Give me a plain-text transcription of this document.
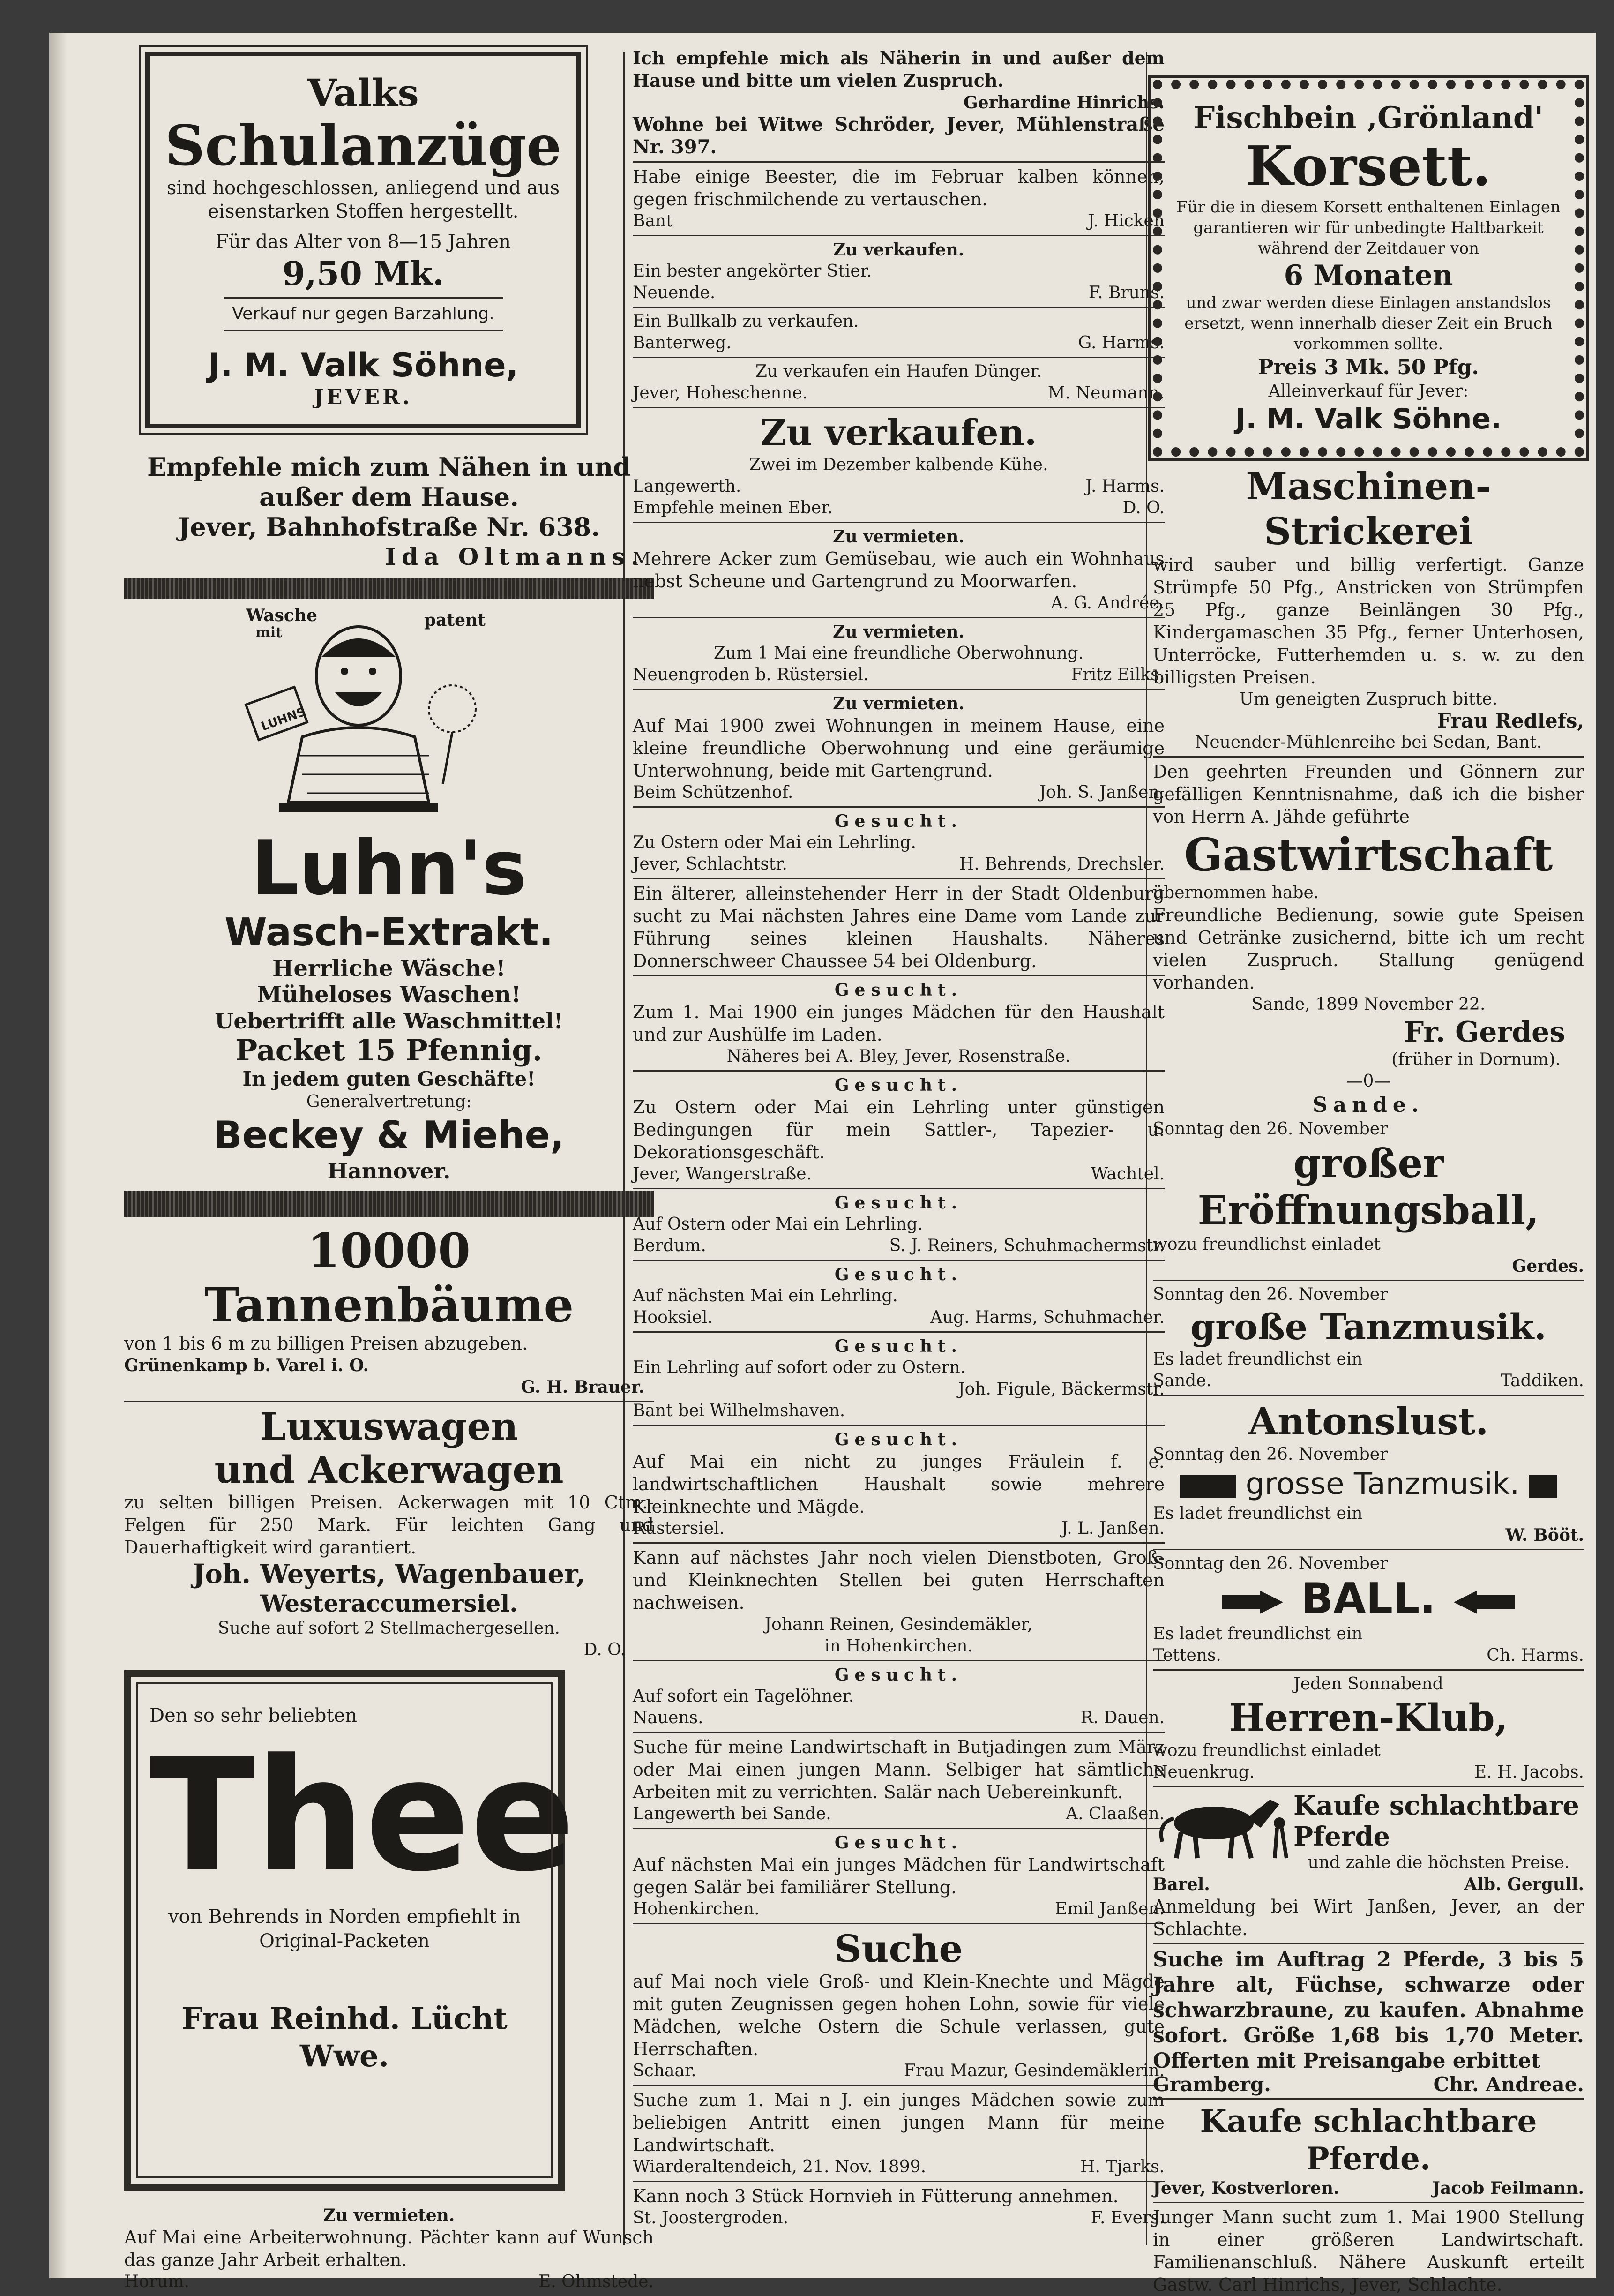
Valks
Schulanzüge

sind hochgeschlossen, anliegend und aus eisenstarken Stoffen hergestellt.

Für das Alter von 8—15 Jahren

9,50 Mk.

Verkauf nur gegen Barzahlung.

J. M. Valk Söhne,
JEVER.

Empfehle mich zum Nähen in und außer dem Hause.

Jever, Bahnhofstraße Nr. 638.

Ida Oltmanns.

Wasche
mit
patent
LUHNS
Luhn's
Wasch-Extrakt.
Herrliche Wäsche!
Müheloses Waschen!
Uebertrifft alle Waschmittel!
Packet 15 Pfennig.
In jedem guten Geschäfte!
Generalvertretung:
Beckey & Miehe,
Hannover.
10000 Tannenbäume

von 1 bis 6 m zu billigen Preisen abzugeben.

Grünenkamp b. Varel i. O.

G. H. Brauer.

Luxuswagen
und Ackerwagen

zu selten billigen Preisen. Ackerwagen mit 10 Ctm.-Felgen für 250 Mark. Für leichten Gang und Dauerhaftigkeit wird garantiert.

Joh. Weyerts, Wagenbauer,
Westeraccumersiel.

Suche auf sofort 2 Stellmachergesellen.

D. O.

Den so sehr beliebten

Thee

von Behrends in Norden empfiehlt in Original-Packeten

Frau Reinhd. Lücht Wwe.

Zu vermieten.

Auf Mai eine Arbeiterwohnung. Pächter kann auf Wunsch das ganze Jahr Arbeit erhalten.

Horum.	E. Ohmstede.

Ich empfehle mich als Näherin in und außer dem Hause und bitte um vielen Zuspruch.

Gerhardine Hinrichs.

Wohne bei Witwe Schröder, Jever, Mühlenstraße Nr. 397.

Habe einige Beester, die im Februar kalben können, gegen frischmilchende zu vertauschen.

Bant	J. Hicken

Zu verkaufen.

Ein bester angekörter Stier.

Neuende.	F. Bruns.

Ein Bullkalb zu verkaufen.

Banterweg.	G. Harms.

Zu verkaufen ein Haufen Dünger.

Jever, Hoheschenne.	M. Neumann.
Zu verkaufen.

Zwei im Dezember kalbende Kühe.

Langewerth.	J. Harms.
Empfehle meinen Eber.	D. O.

Zu vermieten.

Mehrere Acker zum Gemüsebau, wie auch ein Wohnhaus nebst Scheune und Gartengrund zu Moorwarfen.

A. G. Andrée.

Zu vermieten.

Zum 1 Mai eine freundliche Oberwohnung.

Neuengroden b. Rüstersiel.	Fritz Eilks.

Zu vermieten.

Auf Mai 1900 zwei Wohnungen in meinem Hause, eine kleine freundliche Oberwohnung und eine geräumige Unterwohnung, beide mit Gartengrund.

Beim Schützenhof.	Joh. S. Janßen.

Gesucht.

Zu Ostern oder Mai ein Lehrling.

Jever, Schlachtstr.	H. Behrends, Drechsler.

Ein älterer, alleinstehender Herr in der Stadt Oldenburg sucht zu Mai nächsten Jahres eine Dame vom Lande zur Führung seines kleinen Haushalts. Näheres Donnerschweer Chaussee 54 bei Oldenburg.

Gesucht.

Zum 1. Mai 1900 ein junges Mädchen für den Haushalt und zur Aushülfe im Laden.

Näheres bei A. Bley, Jever, Rosenstraße.

Gesucht.

Zu Ostern oder Mai ein Lehrling unter günstigen Bedingungen für mein Sattler-, Tapezier- u. Dekorationsgeschäft.

Jever, Wangerstraße.	Wachtel.

Gesucht.

Auf Ostern oder Mai ein Lehrling.

Berdum.	S. J. Reiners, Schuhmachermstr.

Gesucht.

Auf nächsten Mai ein Lehrling.

Hooksiel.	Aug. Harms, Schuhmacher.

Gesucht.

Ein Lehrling auf sofort oder zu Ostern.

Joh. Figule, Bäckermstr.

Bant bei Wilhelmshaven.

Gesucht.

Auf Mai ein nicht zu junges Fräulein f. e. landwirtschaftlichen Haushalt sowie mehrere Kleinknechte und Mägde.

Rüstersiel.	J. L. Janßen.

Kann auf nächstes Jahr noch vielen Dienstboten, Groß- und Kleinknechten Stellen bei guten Herrschaften nachweisen.

Johann Reinen, Gesindemäkler,

in Hohenkirchen.

Gesucht.

Auf sofort ein Tagelöhner.

Nauens.	R. Dauen.

Suche für meine Landwirtschaft in Butjadingen zum März oder Mai einen jungen Mann. Selbiger hat sämtliche Arbeiten mit zu verrichten. Salär nach Uebereinkunft.

Langewerth bei Sande.	A. Claaßen.

Gesucht.

Auf nächsten Mai ein junges Mädchen für Landwirtschaft gegen Salär bei familiärer Stellung.

Hohenkirchen.	Emil Janßen.
Suche

auf Mai noch viele Groß- und Klein-Knechte und Mägde mit guten Zeugnissen gegen hohen Lohn, sowie für viele Mädchen, welche Ostern die Schule verlassen, gute Herrschaften.

Schaar.	Frau Mazur, Gesindemäklerin.

Suche zum 1. Mai n J. ein junges Mädchen sowie zum beliebigen Antritt einen jungen Mann für meine Landwirtschaft.

Wiarderaltendeich, 21. Nov. 1899.	H. Tjarks.

Kann noch 3 Stück Hornvieh in Fütterung annehmen.

St. Joostergroden.	F. Evers.
Fischbein ‚Grönland'
Korsett.

Für die in diesem Korsett enthaltenen Einlagen garantieren wir für unbedingte Haltbarkeit während der Zeitdauer von

6 Monaten

und zwar werden diese Einlagen anstandslos ersetzt, wenn innerhalb dieser Zeit ein Bruch vorkommen sollte.

Preis 3 Mk. 50 Pfg.

Alleinverkauf für Jever:

J. M. Valk Söhne.
Maschinen-Strickerei

wird sauber und billig verfertigt. Ganze Strümpfe 50 Pfg., Anstricken von Strümpfen 25 Pfg., ganze Beinlängen 30 Pfg., Kindergamaschen 35 Pfg., ferner Unterhosen, Unterröcke, Futterhemden u. s. w. zu den billigsten Preisen.

Um geneigten Zuspruch bitte.

Frau Redlefs,

Neuender-Mühlenreihe bei Sedan, Bant.

Den geehrten Freunden und Gönnern zur gefälligen Kenntnisnahme, daß ich die bisher von Herrn A. Jähde geführte

Gastwirtschaft

übernommen habe.

Freundliche Bedienung, sowie gute Speisen und Getränke zusichernd, bitte ich um recht vielen Zuspruch. Stallung genügend vorhanden.

Sande, 1899 November 22.

Fr. Gerdes

(früher in Dornum).

—0—

Sande.

Sonntag den 26. November

großer Eröffnungsball,

wozu freundlichst einladet

Gerdes.

Sonntag den 26. November

große Tanzmusik.

Es ladet freundlichst ein

Sande.	Taddiken.
Antonslust.

Sonntag den 26. November

grosse Tanzmusik.

Es ladet freundlichst ein

W. Bööt.

Sonntag den 26. November

BALL.

Es ladet freundlichst ein

Tettens.	Ch. Harms.

Jeden Sonnabend

Herren-Klub,

wozu freundlichst einladet

Neuenkrug.	E. H. Jacobs.
Kaufe schlachtbare Pferde

und zahle die höchsten Preise.

Barel.	Alb. Gergull.

Anmeldung bei Wirt Janßen, Jever, an der Schlachte.

Suche im Auftrag 2 Pferde, 3 bis 5 Jahre alt, Füchse, schwarze oder schwarzbraune, zu kaufen. Abnahme sofort. Größe 1,68 bis 1,70 Meter. Offerten mit Preisangabe erbittet

Gramberg.	Chr. Andreae.
Kaufe schlachtbare Pferde.
Jever, Kostverloren.	Jacob Feilmann.

Junger Mann sucht zum 1. Mai 1900 Stellung in einer größeren Landwirtschaft. Familienanschluß. Nähere Auskunft erteilt Gastw. Carl Hinrichs, Jever, Schlachte.
